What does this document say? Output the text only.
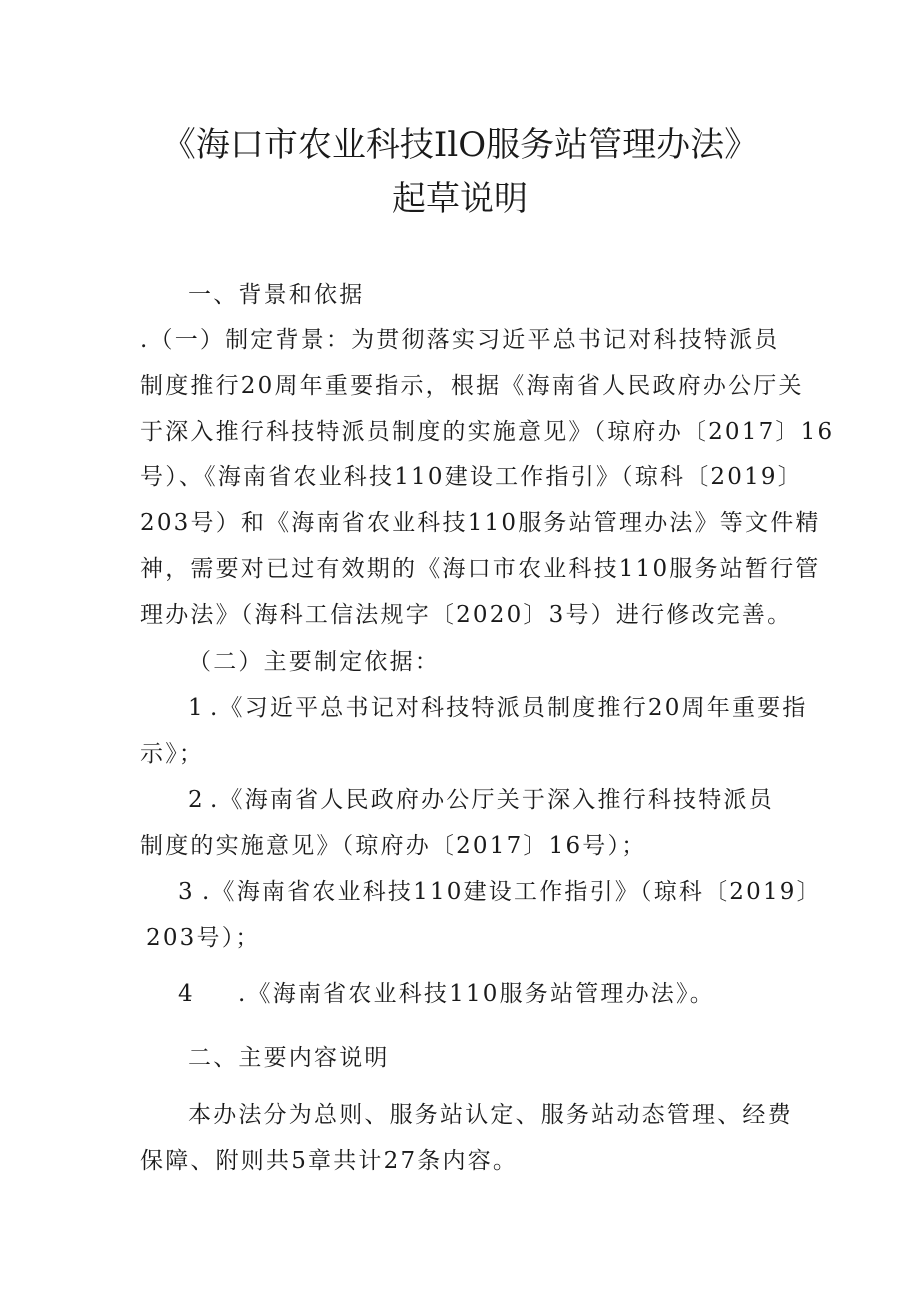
《海口市农业科技IlO服务站管理办法》
起草说明
一、背景和依据
.（一）制定背景：为贯彻落实习近平总书记对科技特派员
制度推行20周年重要指示，根据《海南省人民政府办公厅关
于深入推行科技特派员制度的实施意见》（琼府办〔2017〕16
号）、《海南省农业科技110建设工作指引》（琼科〔2019〕
203号）和《海南省农业科技110服务站管理办法》等文件精
神，需要对已过有效期的《海口市农业科技110服务站暂行管
理办法》（海科工信法规字〔2020〕3号）进行修改完善。
（二）主要制定依据：
1 .《习近平总书记对科技特派员制度推行20周年重要指
示》；
2 .《海南省人民政府办公厅关于深入推行科技特派员
制度的实施意见》（琼府办〔2017〕16号）；
3 .《海南省农业科技110建设工作指引》（琼科〔2019〕
203号）；
4 .《海南省农业科技110服务站管理办法》。
二、主要内容说明
本办法分为总则、服务站认定、服务站动态管理、经费
保障、附则共5章共计27条内容。
